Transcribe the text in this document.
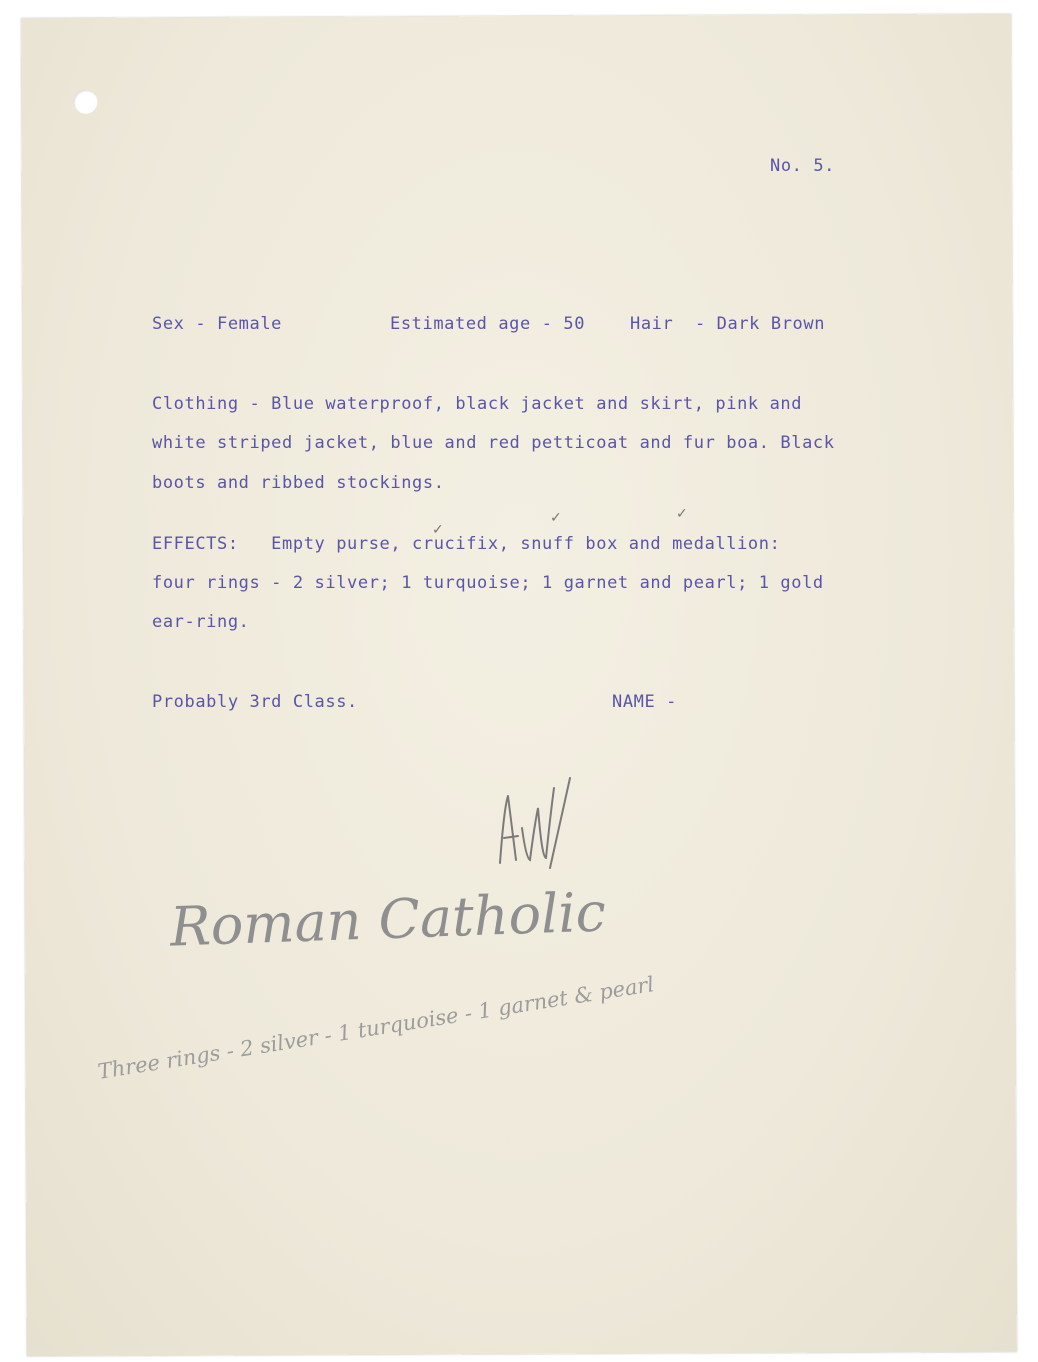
No. 5.
Sex - Female	Estimated age - 50	Hair  - Dark Brown
Clothing - Blue waterproof, black jacket and skirt, pink and
white striped jacket, blue and red petticoat and fur boa. Black
boots and ribbed stockings.
EFFECTS:   Empty purse, crucifix, snuff box and medallion:
four rings - 2 silver; 1 turquoise; 1 garnet and pearl; 1 gold
ear-ring.
✓
✓	✓
Probably 3rd Class.	NAME -
Roman Catholic
Three rings - 2 silver - 1 turquoise - 1 garnet & pearl
